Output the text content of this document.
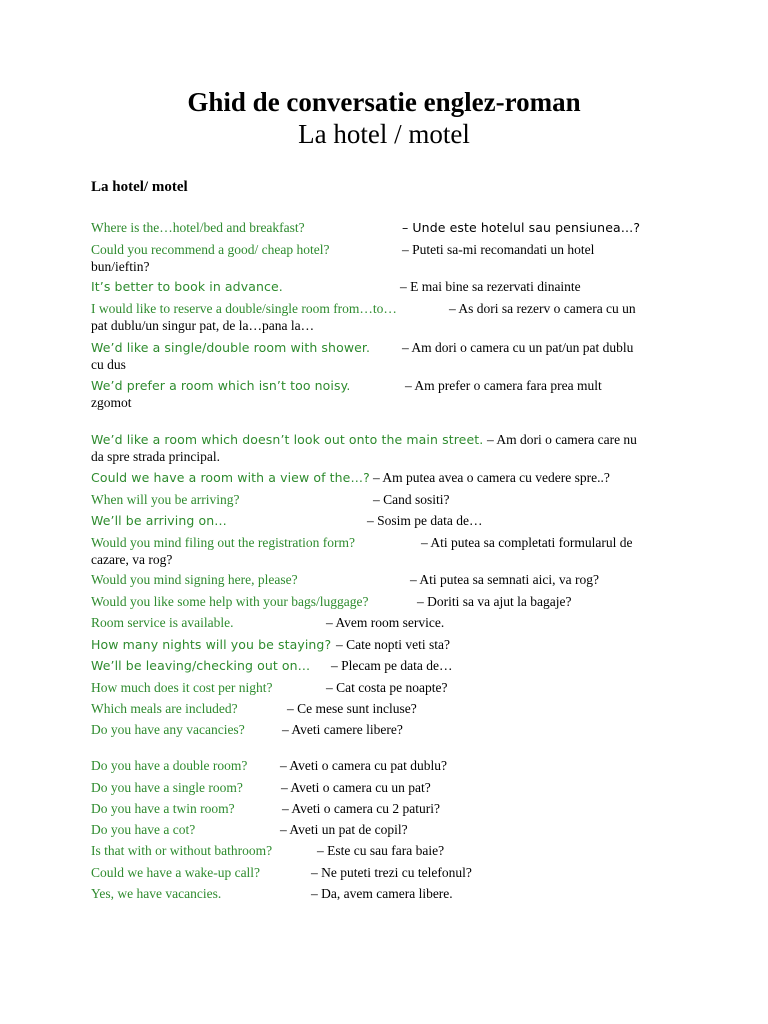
Ghid de conversatie englez-roman
La hotel / motel
La hotel/ motel
Where is the…hotel/bed and breakfast?	– Unde este hotelul sau pensiunea…?
Could you recommend a good/ cheap hotel?	– Puteti sa-mi recomandati un hotel
bun/ieftin?
It’s better to book in advance.	– E mai bine sa rezervati dinainte
I would like to reserve a double/single room from…to…	– As dori sa rezerv o camera cu un
pat dublu/un singur pat, de la…pana la…
We’d like a single/double room with shower. – Am dori o camera cu un pat/un pat dublu
cu dus
We’d prefer a room which isn’t too noisy.	– Am prefer o camera fara prea mult
zgomot
We’d like a room which doesn’t look out onto the main street. – Am dori o camera care nu
da spre strada principal.
Could we have a room with a view of the…? – Am putea avea o camera cu vedere spre..?
When will you be arriving?	– Cand sositi?
We’ll be arriving on…	– Sosim pe data de…
Would you mind filing out the registration form?	– Ati putea sa completati formularul de
cazare, va rog?
Would you mind signing here, please?	– Ati putea sa semnati aici, va rog?
Would you like some help with your bags/luggage?	– Doriti sa va ajut la bagaje?
Room service is available.	– Avem room service.
How many nights will you be staying? – Cate nopti veti sta?
We’ll be leaving/checking out on… – Plecam pe data de…
How much does it cost per night?	– Cat costa pe noapte?
Which meals are included?	– Ce mese sunt incluse?
Do you have any vacancies?	– Aveti camere libere?
Do you have a double room? – Aveti o camera cu pat dublu?
Do you have a single room?	– Aveti o camera cu un pat?
Do you have a twin room?	– Aveti o camera cu 2 paturi?
Do you have a cot?	– Aveti un pat de copil?
Is that with or without bathroom?	– Este cu sau fara baie?
Could we have a wake-up call?	– Ne puteti trezi cu telefonul?
Yes, we have vacancies.	– Da, avem camera libere.
